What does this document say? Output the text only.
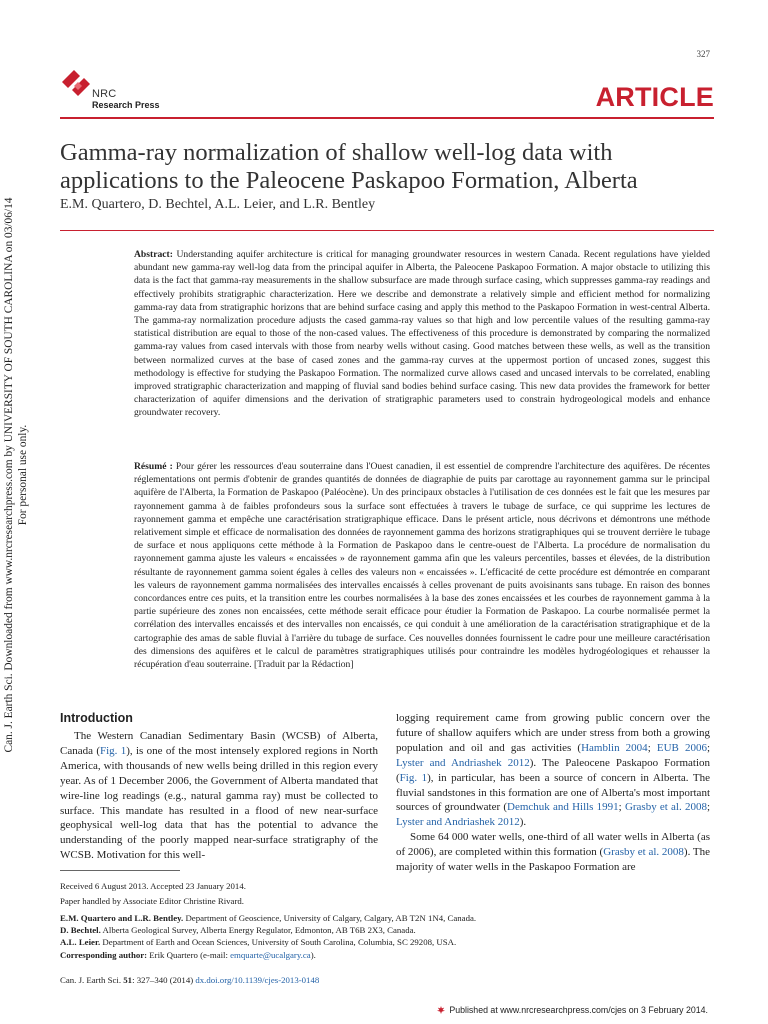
Can. J. Earth Sci. Downloaded from www.nrcresearchpress.com by UNIVERSITY OF SOUTH CAROLINA on 03/06/14 For personal use only.
327
NRC
Research Press	ARTICLE
Gamma-ray normalization of shallow well-log data with applications to the Paleocene Paskapoo Formation, Alberta
E.M. Quartero, D. Bechtel, A.L. Leier, and L.R. Bentley
Abstract: Understanding aquifer architecture is critical for managing groundwater resources in western Canada. Recent regulations have yielded abundant new gamma-ray well-log data from the principal aquifer in Alberta, the Paleocene Paskapoo Formation. A major obstacle to utilizing this data is the fact that gamma-ray measurements in the shallow subsurface are made through surface casing, which suppresses gamma-ray readings and effectively prohibits stratigraphic characterization. Here we describe and demonstrate a relatively simple and efficient method for normalizing gamma-ray data from stratigraphic horizons that are behind surface casing and apply this method to the Paskapoo Formation in west-central Alberta. The gamma-ray normalization procedure adjusts the cased gamma-ray values so that high and low percentile values of the resulting gamma-ray statistical distribution are equal to those of the non-cased values. The effectiveness of this procedure is demonstrated by comparing the normalized gamma-ray values from cased intervals with those from nearby wells without casing. Good matches between these wells, as well as the transition between normalized curves at the base of cased zones and the gamma-ray curves at the uppermost portion of uncased zones, suggest this methodology is effective for studying the Paskapoo Formation. The normalized curve allows cased and uncased intervals to be correlated, enabling improved stratigraphic characterization and mapping of fluvial sand bodies behind surface casing. This new data provides the framework for better characterization of aquifer dimensions and the derivation of stratigraphic parameters used to constrain hydrogeological models and enhance groundwater recovery.
Résumé : Pour gérer les ressources d'eau souterraine dans l'Ouest canadien, il est essentiel de comprendre l'architecture des aquifères. De récentes réglementations ont permis d'obtenir de grandes quantités de données de diagraphie de puits par carottage au rayonnement gamma sur le principal aquifère de l'Alberta, la Formation de Paskapoo (Paléocène). Un des principaux obstacles à l'utilisation de ces données est le fait que les mesures par rayonnement gamma à de faibles profondeurs sous la surface sont effectuées à travers le tubage de surface, ce qui supprime les lectures de rayonnement gamma et empêche une caractérisation stratigraphique efficace. Dans le présent article, nous décrivons et démontrons une méthode relativement simple et efficace de normalisation des données de rayonnement gamma des horizons stratigraphiques qui se trouvent derrière le tubage de surface et nous appliquons cette méthode à la Formation de Paskapoo dans le centre-ouest de l'Alberta. La procédure de normalisation du rayonnement gamma ajuste les valeurs « encaissées » de rayonnement gamma afin que les valeurs percentiles, basses et élevées, de la distribution résultante de rayonnement gamma soient égales à celles des valeurs non « encaissées ». L'efficacité de cette procédure est démontrée en comparant les valeurs de rayonnement gamma normalisées des intervalles encaissés à celles provenant de puits avoisinants sans tubage. En raison des bonnes concordances entre ces puits, et la transition entre les courbes normalisées à la base des zones encaissées et les courbes de rayonnement gamma à la partie supérieure des zones non encaissées, cette méthode serait efficace pour étudier la Formation de Paskapoo. La courbe normalisée permet la corrélation des intervalles encaissés et des intervalles non encaissés, ce qui conduit à une amélioration de la caractérisation stratigraphique et de la cartographie des amas de sable fluvial à l'arrière du tubage de surface. Ces nouvelles données fournissent le cadre pour une meilleure caractérisation des dimensions des aquifères et le calcul de paramètres stratigraphiques utilisés pour contraindre les modèles hydrogéologiques et rehausser la récupération d'eau souterraine. [Traduit par la Rédaction]
Introduction
The Western Canadian Sedimentary Basin (WCSB) of Alberta, Canada (Fig. 1), is one of the most intensely explored regions in North America, with thousands of new wells being drilled in this region every year. As of 1 December 2006, the Government of Alberta mandated that wire-line log readings (e.g., natural gamma ray) must be collected to surface. This mandate has resulted in a flood of new near-surface geophysical well-log data that has the potential to advance the understanding of the poorly mapped near-surface stratigraphy of the WCSB. Motivation for this well-
logging requirement came from growing public concern over the future of shallow aquifers which are under stress from both a growing population and oil and gas activities (Hamblin 2004; EUB 2006; Lyster and Andriashek 2012). The Paleocene Paskapoo Formation (Fig. 1), in particular, has been a source of concern in Alberta. The fluvial sandstones in this formation are one of Alberta's most important sources of groundwater (Demchuk and Hills 1991; Grasby et al. 2008; Lyster and Andriashek 2012).
Some 64 000 water wells, one-third of all water wells in Alberta (as of 2006), are completed within this formation (Grasby et al. 2008). The majority of water wells in the Paskapoo Formation are
Received 6 August 2013. Accepted 23 January 2014.
Paper handled by Associate Editor Christine Rivard.
E.M. Quartero and L.R. Bentley. Department of Geoscience, University of Calgary, Calgary, AB T2N 1N4, Canada.
D. Bechtel. Alberta Geological Survey, Alberta Energy Regulator, Edmonton, AB T6B 2X3, Canada.
A.L. Leier. Department of Earth and Ocean Sciences, University of South Carolina, Columbia, SC 29208, USA.
Corresponding author: Erik Quartero (e-mail: emquarte@ucalgary.ca).
Can. J. Earth Sci. 51: 327–340 (2014) dx.doi.org/10.1139/cjes-2013-0148
Published at www.nrcresearchpress.com/cjes on 3 February 2014.
